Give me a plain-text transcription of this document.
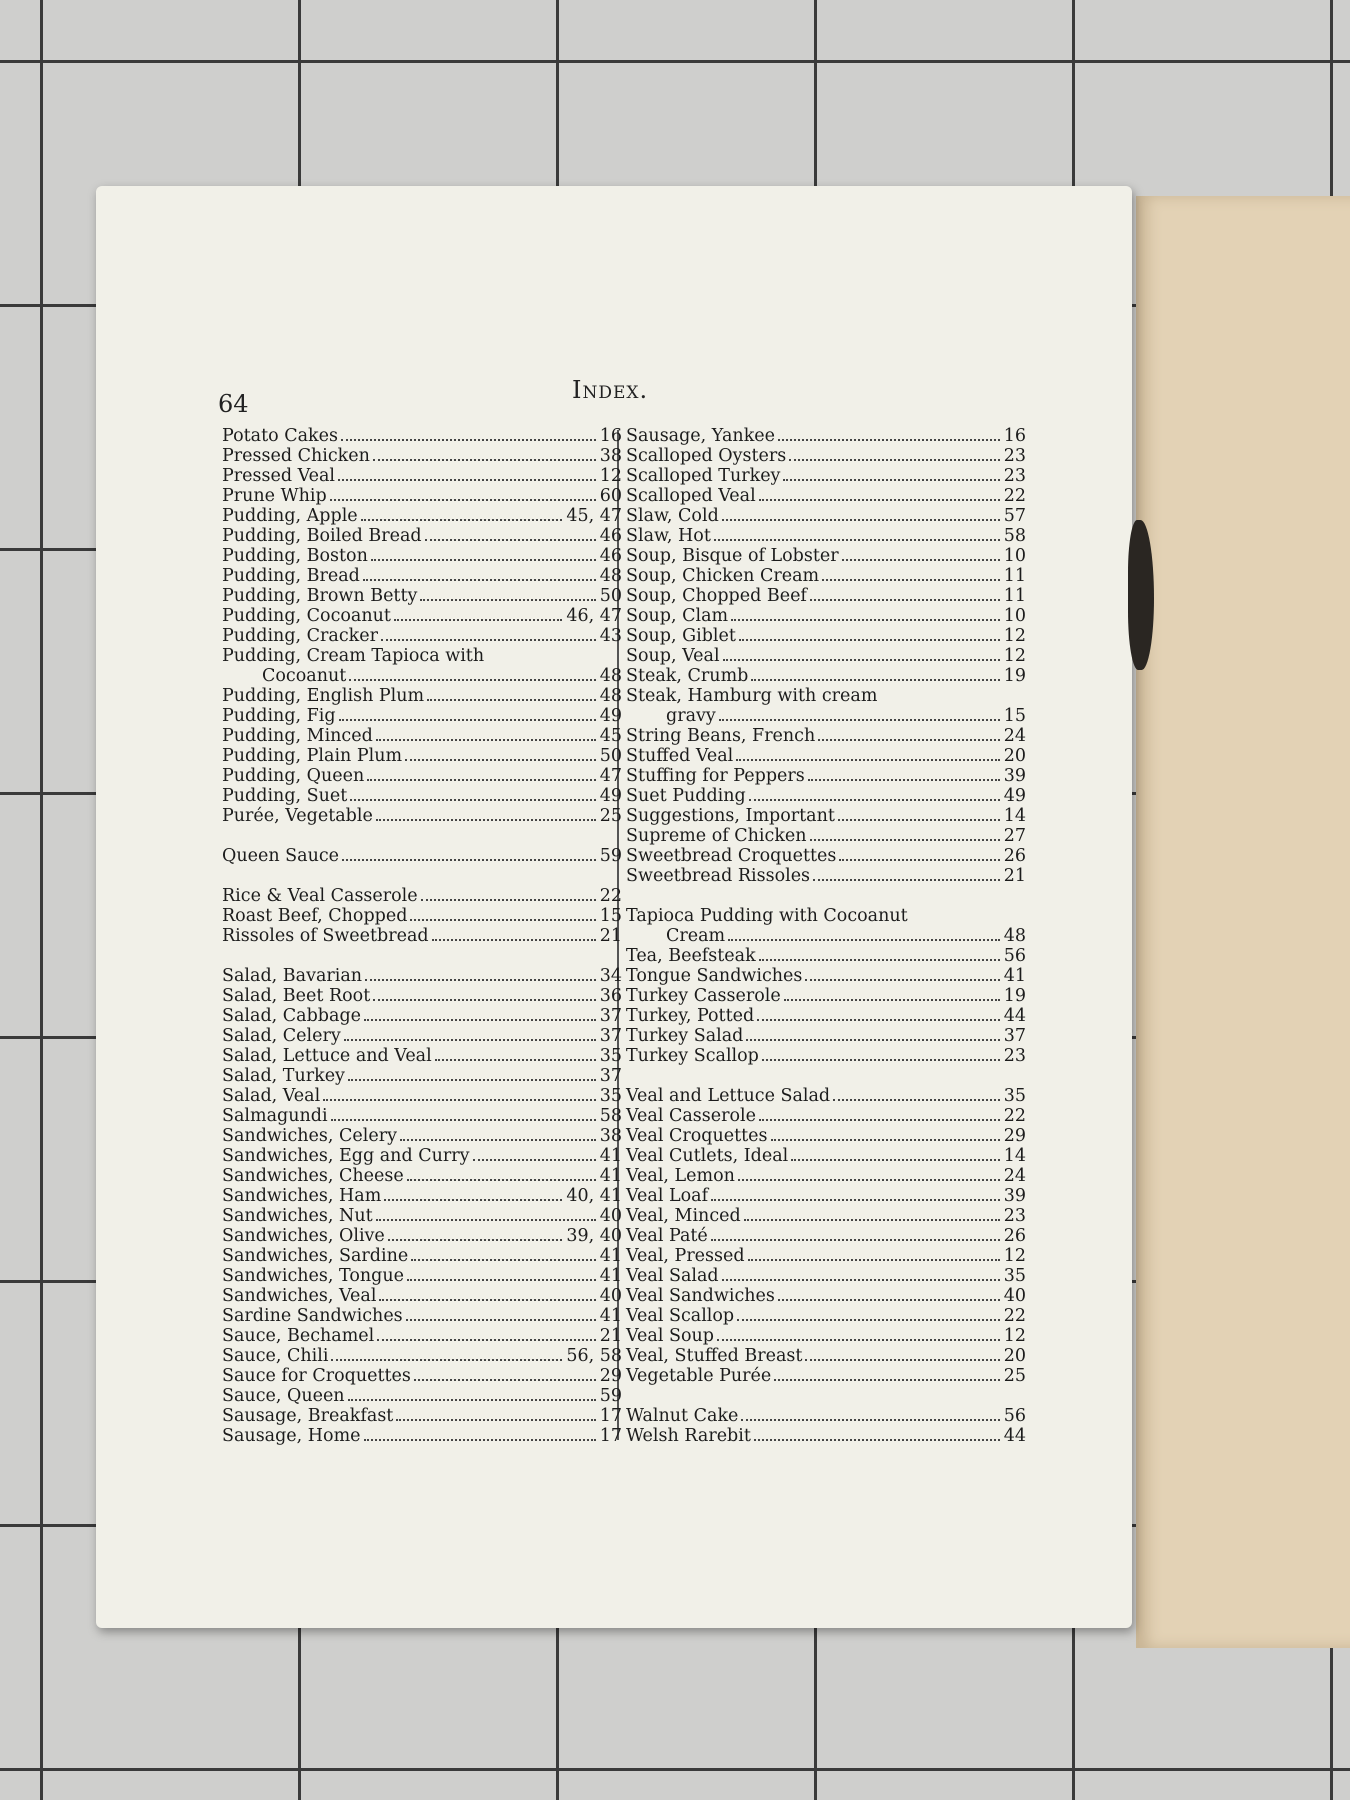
64	Index.
Potato Cakes	16
Pressed Chicken	38
Pressed Veal	12
Prune Whip	60
Pudding, Apple	45, 47
Pudding, Boiled Bread	46
Pudding, Boston	46
Pudding, Bread	48
Pudding, Brown Betty	50
Pudding, Cocoanut	46, 47
Pudding, Cracker	43
Pudding, Cream Tapioca with
Cocoanut	48
Pudding, English Plum	48
Pudding, Fig	49
Pudding, Minced	45
Pudding, Plain Plum	50
Pudding, Queen	47
Pudding, Suet	49
Purée, Vegetable	25
Queen Sauce	59
Rice & Veal Casserole	22
Roast Beef, Chopped	15
Rissoles of Sweetbread	21
Salad, Bavarian	34
Salad, Beet Root	36
Salad, Cabbage	37
Salad, Celery	37
Salad, Lettuce and Veal	35
Salad, Turkey	37
Salad, Veal	35
Salmagundi	58
Sandwiches, Celery	38
Sandwiches, Egg and Curry	41
Sandwiches, Cheese	41
Sandwiches, Ham	40, 41
Sandwiches, Nut	40
Sandwiches, Olive	39, 40
Sandwiches, Sardine	41
Sandwiches, Tongue	41
Sandwiches, Veal	40
Sardine Sandwiches	41
Sauce, Bechamel	21
Sauce, Chili	56, 58
Sauce for Croquettes	29
Sauce, Queen	59
Sausage, Breakfast	17
Sausage, Home	17
Sausage, Yankee	16
Scalloped Oysters	23
Scalloped Turkey	23
Scalloped Veal	22
Slaw, Cold	57
Slaw, Hot	58
Soup, Bisque of Lobster	10
Soup, Chicken Cream	11
Soup, Chopped Beef	11
Soup, Clam	10
Soup, Giblet	12
Soup, Veal	12
Steak, Crumb	19
Steak, Hamburg with cream
gravy	15
String Beans, French	24
Stuffed Veal	20
Stuffing for Peppers	39
Suet Pudding	49
Suggestions, Important	14
Supreme of Chicken	27
Sweetbread Croquettes	26
Sweetbread Rissoles	21
Tapioca Pudding with Cocoanut
Cream	48
Tea, Beefsteak	56
Tongue Sandwiches	41
Turkey Casserole	19
Turkey, Potted	44
Turkey Salad	37
Turkey Scallop	23
Veal and Lettuce Salad	35
Veal Casserole	22
Veal Croquettes	29
Veal Cutlets, Ideal	14
Veal, Lemon	24
Veal Loaf	39
Veal, Minced	23
Veal Paté	26
Veal, Pressed	12
Veal Salad	35
Veal Sandwiches	40
Veal Scallop	22
Veal Soup	12
Veal, Stuffed Breast	20
Vegetable Purée	25
Walnut Cake	56
Welsh Rarebit	44
